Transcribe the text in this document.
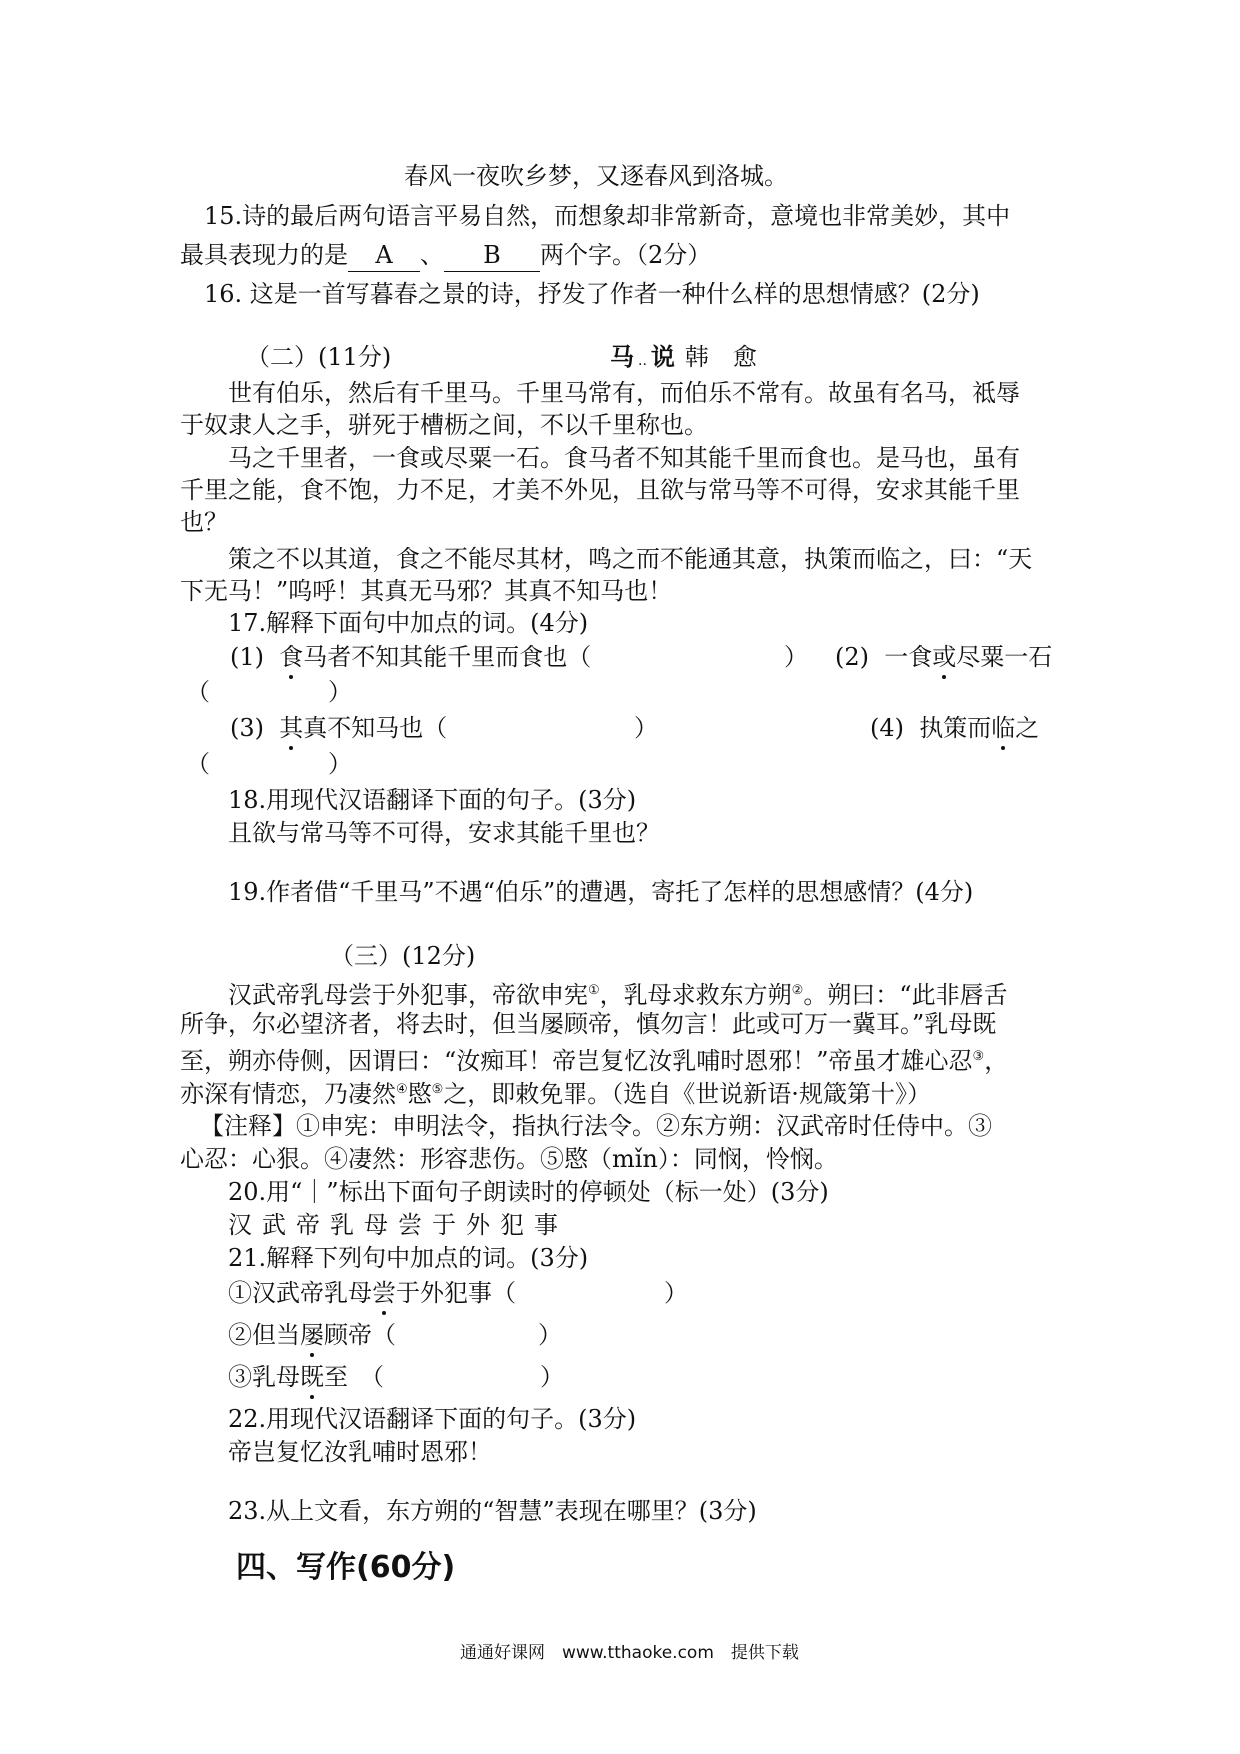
春风一夜吹乡梦，又逐春风到洛城。
15.诗的最后两句语言平易自然，而想象却非常新奇，意境也非常美妙，其中
最具表现力的是 A 、 B 两个字。（2分）
16. 这是一首写暮春之景的诗，抒发了作者一种什么样的思想情感？(2分)
（二）(11分)	马 .. 说 韩　愈
世有伯乐，然后有千里马。千里马常有，而伯乐不常有。故虽有名马，祗辱
于奴隶人之手，骈死于槽枥之间，不以千里称也。
马之千里者，一食或尽粟一石。食马者不知其能千里而食也。是马也，虽有
千里之能，食不饱，力不足，才美不外见，且欲与常马等不可得，安求其能千里
也？
策之不以其道，食之不能尽其材，鸣之而不能通其意，执策而临之，曰：“天
下无马！”呜呼！其真无马邪？其真不知马也！
17.解释下面句中加点的词。(4分)
(1) 食马者不知其能千里而食也（	） (2) 一食或尽粟一石
（	）
(3) 其真不知马也（	）	(4) 执策而临之
（	）
18.用现代汉语翻译下面的句子。(3分)
且欲与常马等不可得，安求其能千里也？
19.作者借“千里马”不遇“伯乐”的遭遇，寄托了怎样的思想感情？(4分)
（三）(12分)
汉武帝乳母尝于外犯事，帝欲申宪①，乳母求救东方朔②。朔曰：“此非唇舌
所争，尔必望济者，将去时，但当屡顾帝，慎勿言！此或可万一冀耳。”乳母既
至，朔亦侍侧，因谓曰：“汝痴耳！帝岂复忆汝乳哺时恩邪！”帝虽才雄心忍③，
亦深有情恋，乃凄然④愍⑤之，即敕免罪。（选自《世说新语·规箴第十》）
【注释】①申宪：申明法令，指执行法令。②东方朔：汉武帝时任侍中。③
心忍：心狠。④凄然：形容悲伤。⑤愍（mǐn）：同悯，怜悯。
20.用“｜”标出下面句子朗读时的停顿处（标一处）(3分)
汉 武 帝 乳 母 尝 于 外 犯 事
21.解释下列句中加点的词。(3分)
①汉武帝乳母尝于外犯事（	）
②但当屡顾帝（	）
③乳母既至　（	）
22.用现代汉语翻译下面的句子。(3分)
帝岂复忆汝乳哺时恩邪！
23.从上文看，东方朔的“智慧”表现在哪里？(3分)
四、写作(60分)
通通好课网　www.tthaoke.com　提供下载
